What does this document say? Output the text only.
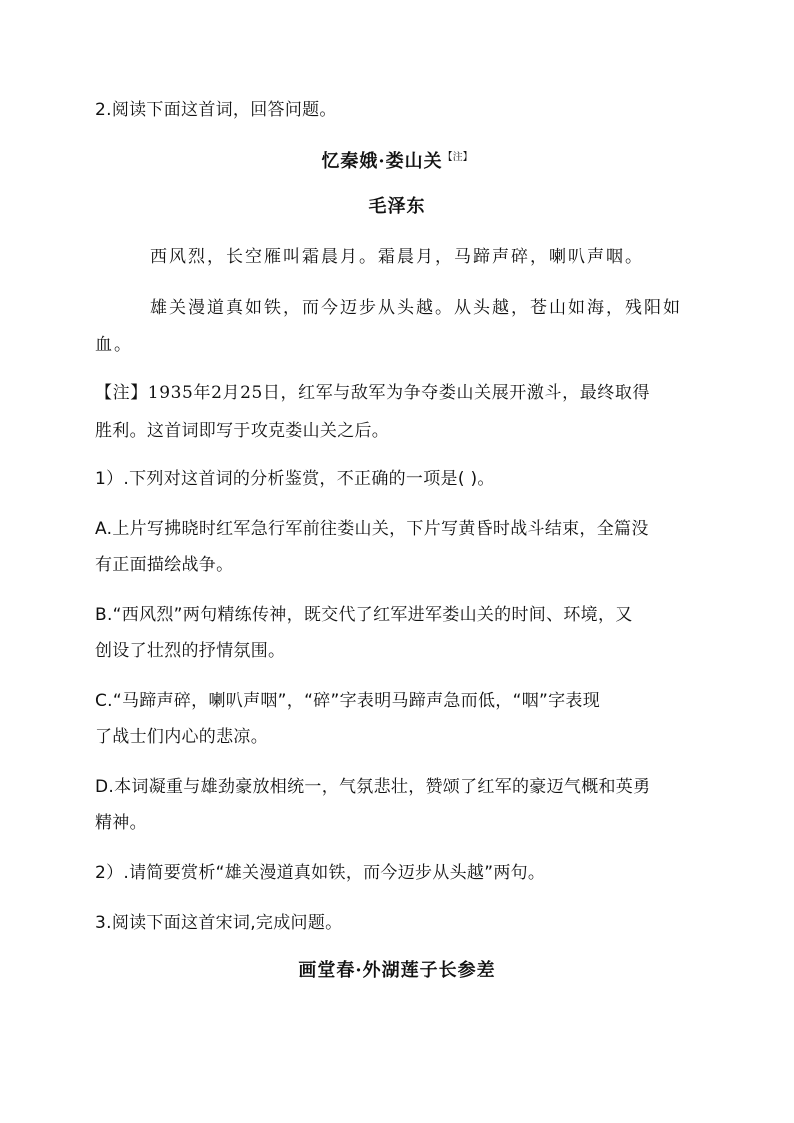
2.阅读下面这首词，回答问题。
忆秦娥·娄山关$^{【注】}$
毛泽东
西风烈，长空雁叫霜晨月。霜晨月，马蹄声碎，喇叭声咽。
雄关漫道真如铁，而今迈步从头越。从头越，苍山如海，残阳如
血。
【注】1935年2月25日，红军与敌军为争夺娄山关展开激斗，最终取得
胜利。这首词即写于攻克娄山关之后。
1）.下列对这首词的分析鉴赏，不正确的一项是( )。
A.上片写拂晓时红军急行军前往娄山关，下片写黄昏时战斗结束，全篇没
有正面描绘战争。
B.“西风烈”两句精练传神，既交代了红军进军娄山关的时间、环境，又
创设了壮烈的抒情氛围。
C.“马蹄声碎，喇叭声咽”，“碎”字表明马蹄声急而低，“咽”字表现
了战士们内心的悲凉。
D.本词凝重与雄劲豪放相统一，气氛悲壮，赞颂了红军的豪迈气概和英勇
精神。
2）.请简要赏析“雄关漫道真如铁，而今迈步从头越”两句。
3.阅读下面这首宋词,完成问题。
画堂春·外湖莲子长参差
